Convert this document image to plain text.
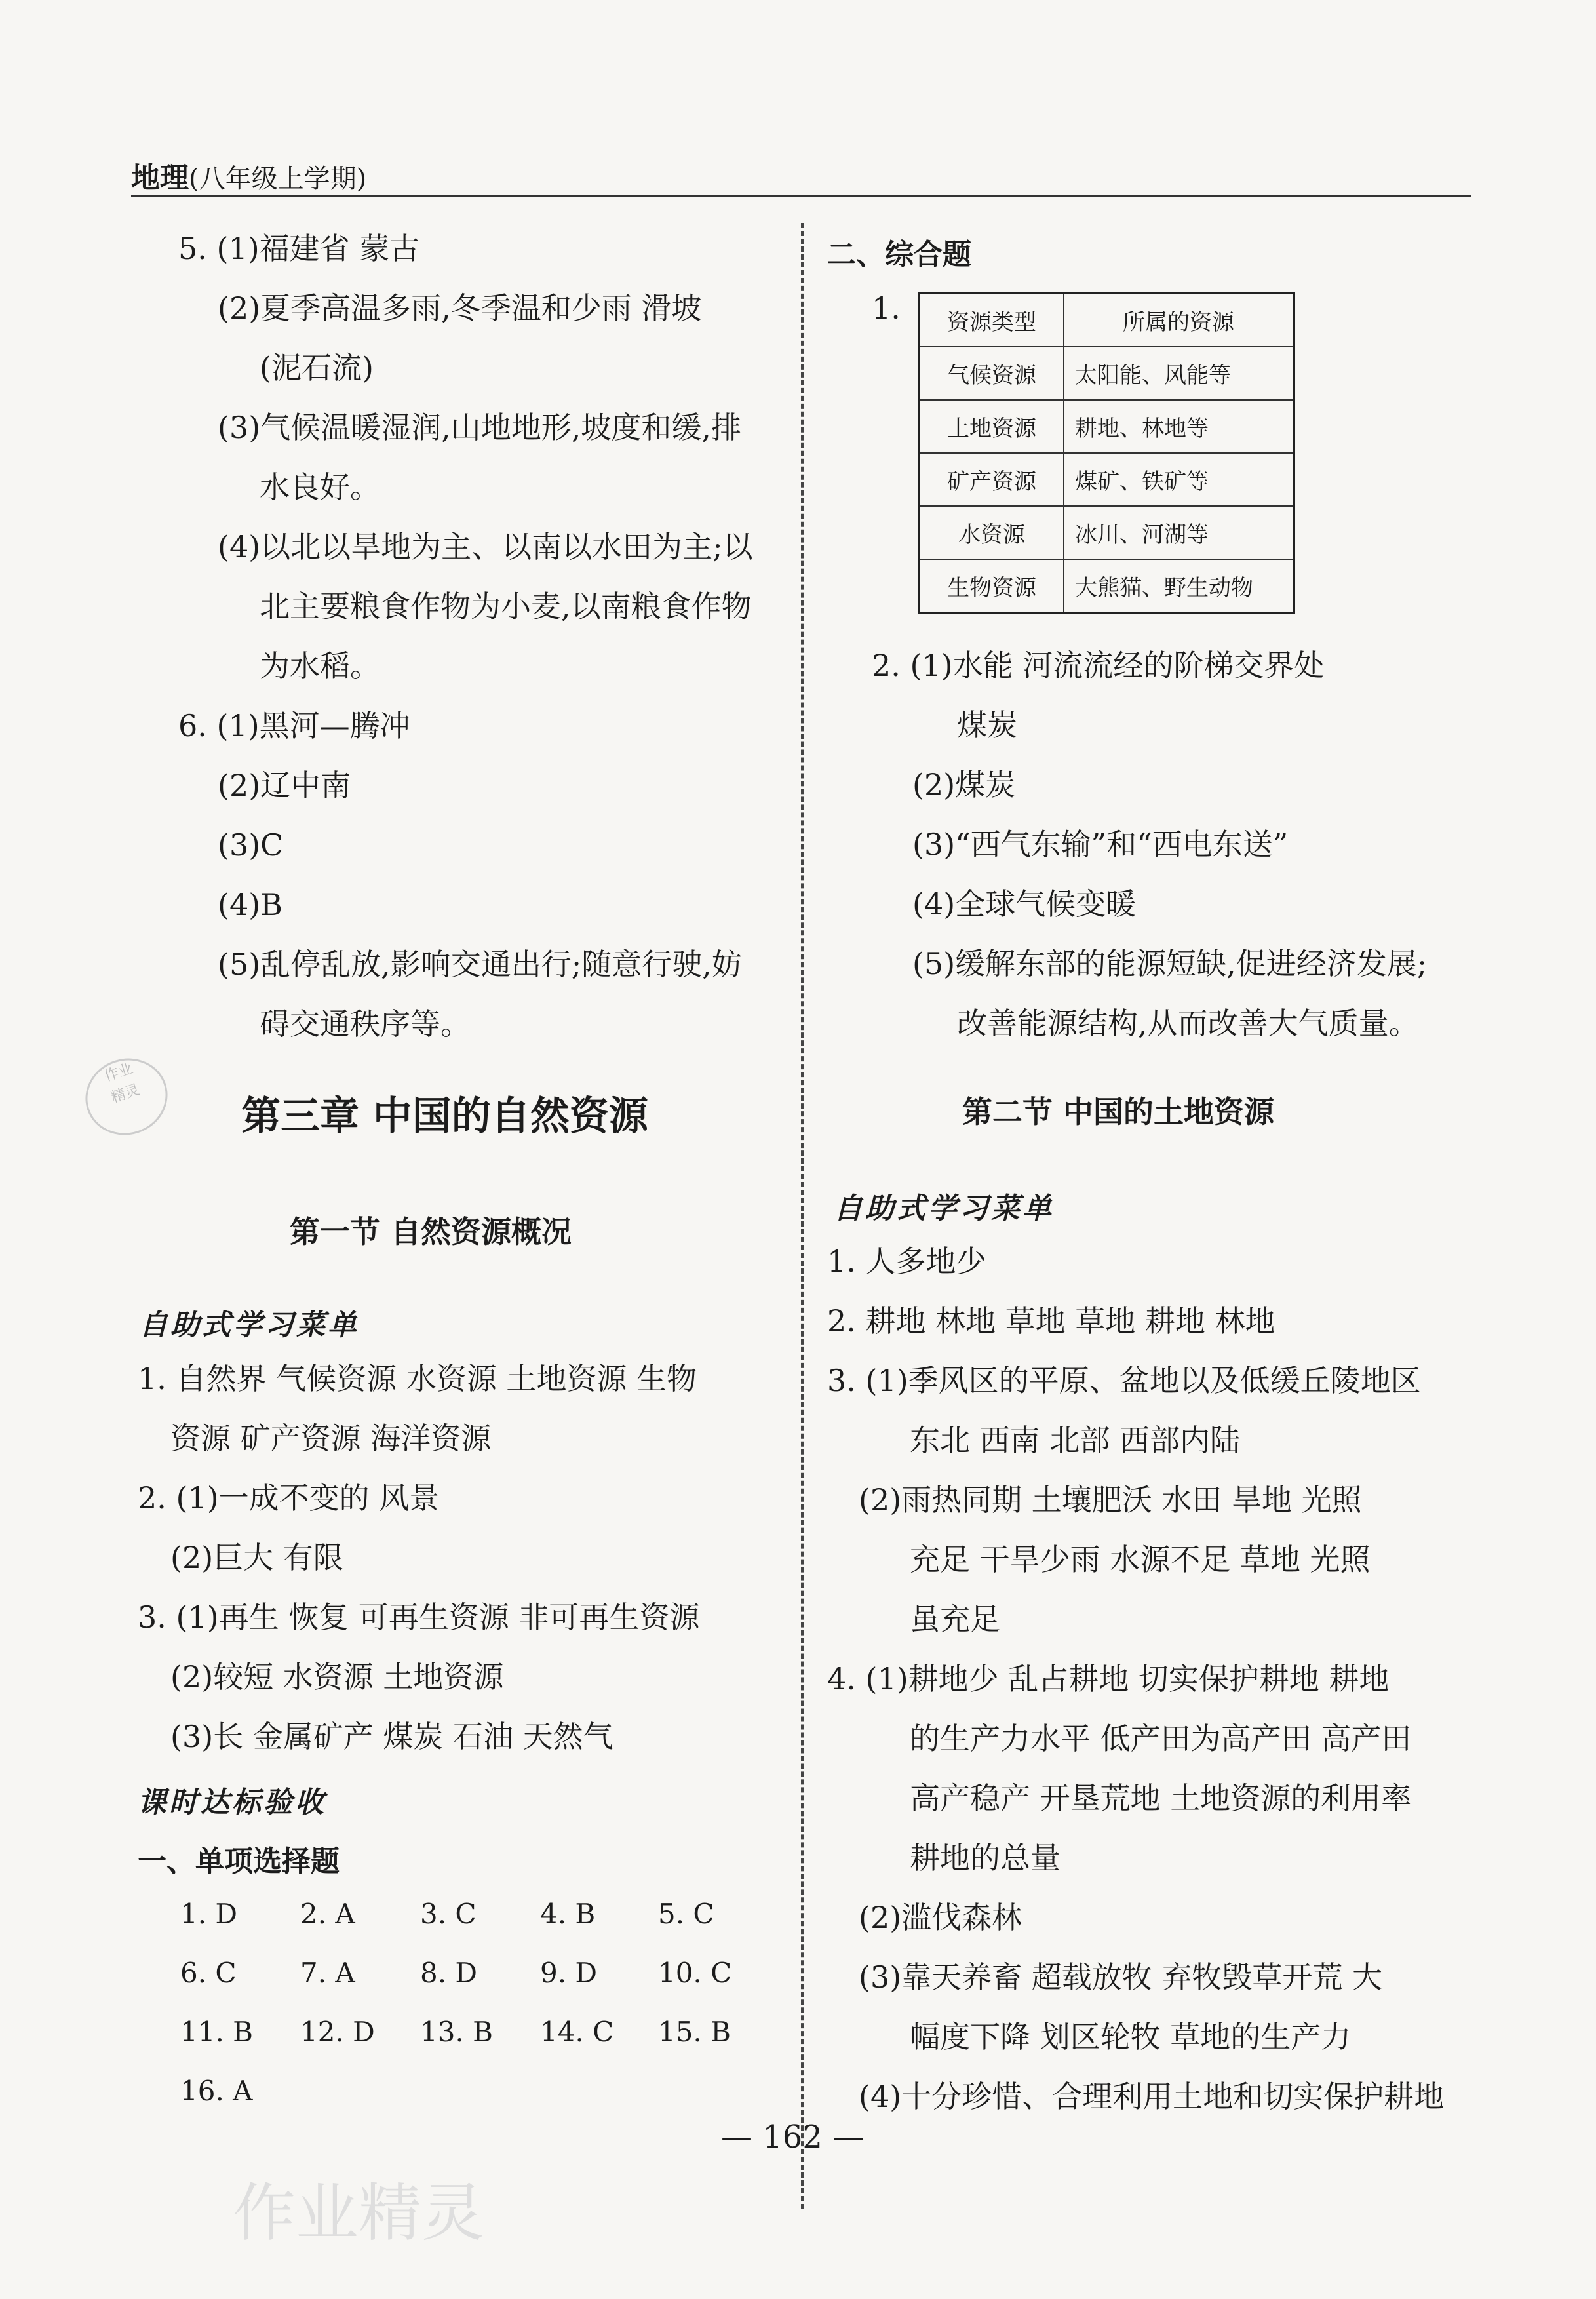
地理(八年级上学期)
5. (1)福建省 蒙古
(2)夏季高温多雨,冬季温和少雨 滑坡
(泥石流)
(3)气候温暖湿润,山地地形,坡度和缓,排
水良好。
(4)以北以旱地为主、以南以水田为主;以
北主要粮食作物为小麦,以南粮食作物
为水稻。
6. (1)黑河—腾冲
(2)辽中南
(3)C
(4)B
(5)乱停乱放,影响交通出行;随意行驶,妨
碍交通秩序等。
作业
精灵	第三章 中国的自然资源
第一节 自然资源概况
自助式学习菜单
1. 自然界 气候资源 水资源 土地资源 生物
资源 矿产资源 海洋资源
2. (1)一成不变的 风景
(2)巨大 有限
3. (1)再生 恢复 可再生资源 非可再生资源
(2)较短 水资源 土地资源
(3)长 金属矿产 煤炭 石油 天然气
课时达标验收
一、单项选择题
1. D 2. A 3. C 4. B 5. C
6. C 7. A 8. D 9. D 10. C
11. B 12. D 13. B 14. C 15. B
16. A
二、综合题
1. 资源类型	所属的资源
气候资源	太阳能、风能等
土地资源	耕地、林地等
矿产资源	煤矿、铁矿等
水资源	冰川、河湖等
生物资源	大熊猫、野生动物
2. (1)水能 河流流经的阶梯交界处
煤炭
(2)煤炭
(3)“西气东输”和“西电东送”
(4)全球气候变暖
(5)缓解东部的能源短缺,促进经济发展;
改善能源结构,从而改善大气质量。
第二节 中国的土地资源
自助式学习菜单
1. 人多地少
2. 耕地 林地 草地 草地 耕地 林地
3. (1)季风区的平原、盆地以及低缓丘陵地区
东北 西南 北部 西部内陆
(2)雨热同期 土壤肥沃 水田 旱地 光照
充足 干旱少雨 水源不足 草地 光照
虽充足
4. (1)耕地少 乱占耕地 切实保护耕地 耕地
的生产力水平 低产田为高产田 高产田
高产稳产 开垦荒地 土地资源的利用率
耕地的总量
(2)滥伐森林
(3)靠天养畜 超载放牧 弃牧毁草开荒 大
幅度下降 划区轮牧 草地的生产力
(4)十分珍惜、合理利用土地和切实保护耕地
— 162 —
作业精灵
